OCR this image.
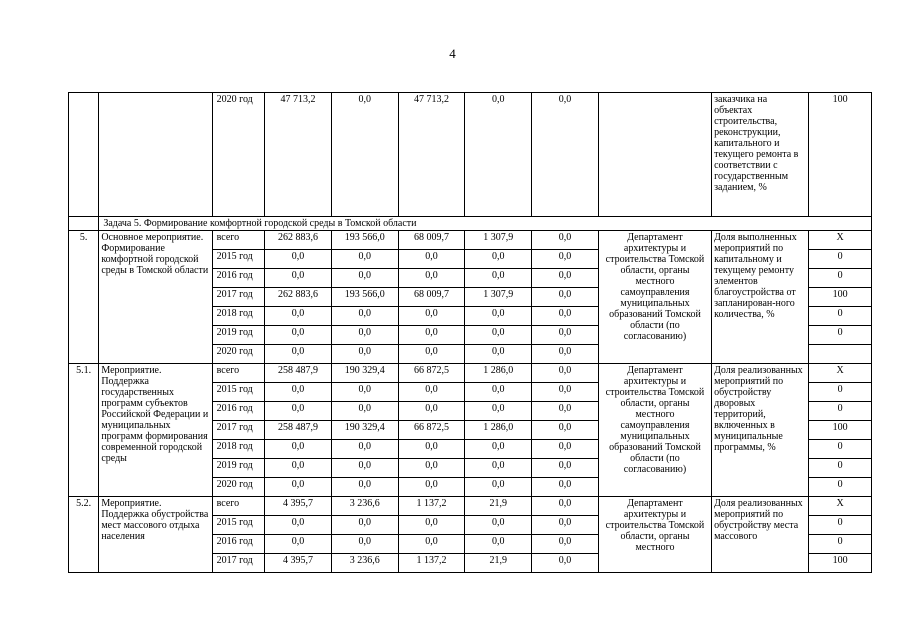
4
		2020 год	47 713,2	0,0	47 713,2	0,0	0,0		заказчика на объектах строительства, реконструкции, капитального и текущего ремонта в соответствии с государственным заданием, %	100
	Задача 5. Формирование комфортной городской среды в Томской области									
5.	Основное мероприятие. Формирование комфортной городской среды в Томской области	всего	262 883,6	193 566,0	68 009,7	1 307,9	0,0	Департамент архитектуры и строительства Томской области, органы местного самоуправления муниципальных образований Томской области (по согласованию)	Доля выполненных мероприятий по капитальному и текущему ремонту элементов благоустройства от запланирован-ного количества, %	X
		2015 год	0,0	0,0	0,0	0,0	0,0			0
		2016 год	0,0	0,0	0,0	0,0	0,0			0
		2017 год	262 883,6	193 566,0	68 009,7	1 307,9	0,0			100
		2018 год	0,0	0,0	0,0	0,0	0,0			0
		2019 год	0,0	0,0	0,0	0,0	0,0			0
		2020 год	0,0	0,0	0,0	0,0	0,0			
5.1.	Мероприятие. Поддержка государственных программ субъектов Российской Федерации и муниципальных программ формирования современной городской среды	всего	258 487,9	190 329,4	66 872,5	1 286,0	0,0	Департамент архитектуры и строительства Томской области, органы местного самоуправления муниципальных образований Томской области (по согласованию)	Доля реализованных мероприятий по обустройству дворовых территорий, включенных в муниципальные программы, %	X
		2015 год	0,0	0,0	0,0	0,0	0,0			0
		2016 год	0,0	0,0	0,0	0,0	0,0			0
		2017 год	258 487,9	190 329,4	66 872,5	1 286,0	0,0			100
		2018 год	0,0	0,0	0,0	0,0	0,0			0
		2019 год	0,0	0,0	0,0	0,0	0,0			0
		2020 год	0,0	0,0	0,0	0,0	0,0			0
5.2.	Мероприятие. Поддержка обустройства мест массового отдыха населения	всего	4 395,7	3 236,6	1 137,2	21,9	0,0	Департамент архитектуры и строительства Томской области, органы местного	Доля реализованных мероприятий по обустройству места массового	X
		2015 год	0,0	0,0	0,0	0,0	0,0			0
		2016 год	0,0	0,0	0,0	0,0	0,0			0
		2017 год	4 395,7	3 236,6	1 137,2	21,9	0,0			100
